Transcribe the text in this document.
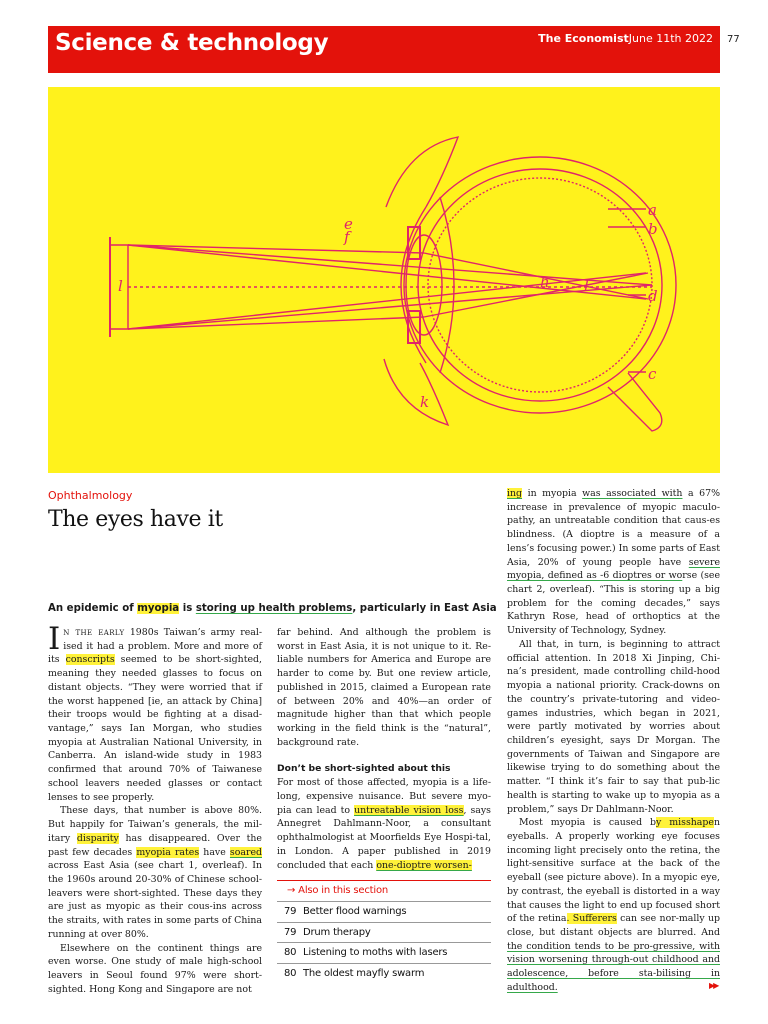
Science & technology	The EconomistJune 11th 2022 77
a
b
c
d
e
f
h
k
l
l
Ophthalmology
The eyes have it
An epidemic of myopia is storing up health problems, particularly in East Asia

In the early 1980s Taiwan’s army real-ised it had a problem. More and more of its conscripts seemed to be short-sighted, meaning they needed glasses to focus on distant objects. “They were worried that if the worst happened [ie, an attack by China] their troops would be fighting at a disad-vantage,” says Ian Morgan, who studies myopia at Australian National University, in Canberra. An island-wide study in 1983 confirmed that around 70% of Taiwanese school leavers needed glasses or contact lenses to see properly.

These days, that number is above 80%. But happily for Taiwan’s generals, the mil-itary disparity has disappeared. Over the past few decades myopia rates have soared across East Asia (see chart 1, overleaf). In the 1960s around 20-30% of Chinese school-leavers were short-sighted. These days they are just as myopic as their cous-ins across the straits, with rates in some parts of China running at over 80%.

Elsewhere on the continent things are even worse. One study of male high-school leavers in Seoul found 97% were short-sighted. Hong Kong and Singapore are not

far behind. And although the problem is worst in East Asia, it is not unique to it. Re-liable numbers for America and Europe are harder to come by. But one review article, published in 2015, claimed a European rate of between 20% and 40%—an order of magnitude higher than that which people working in the field think is the “natural”, background rate.

Don’t be short-sighted about this

For most of those affected, myopia is a life-long, expensive nuisance. But severe myo-pia can lead to untreatable vision loss, says Annegret Dahlmann-Noor, a consultant ophthalmologist at Moorfields Eye Hospi-tal, in London. A paper published in 2019 concluded that each one-dioptre worsen-

→ Also in this section
79 Better flood warnings
79 Drum therapy
80 Listening to moths with lasers
80 The oldest mayfly swarm

ing in myopia was associated with a 67% increase in prevalence of myopic maculo-pathy, an untreatable condition that caus-es blindness. (A dioptre is a measure of a lens’s focusing power.) In some parts of East Asia, 20% of young people have severe myopia, defined as -6 dioptres or worse (see chart 2, overleaf). “This is storing up a big problem for the coming decades,” says Kathryn Rose, head of orthoptics at the University of Technology, Sydney.

All that, in turn, is beginning to attract official attention. In 2018 Xi Jinping, Chi-na’s president, made controlling child-hood myopia a national priority. Crack-downs on the country’s private-tutoring and video-games industries, which began in 2021, were partly motivated by worries about children’s eyesight, says Dr Morgan. The governments of Taiwan and Singapore are likewise trying to do something about the matter. “I think it’s fair to say that pub-lic health is starting to wake up to myopia as a problem,” says Dr Dahlmann-Noor.

Most myopia is caused by misshapen eyeballs. A properly working eye focuses incoming light precisely onto the retina, the light-sensitive surface at the back of the eyeball (see picture above). In a myopic eye, by contrast, the eyeball is distorted in a way that causes the light to end up focused short of the retina. Sufferers can see nor-mally up close, but distant objects are blurred. And the condition tends to be pro-gressive, with vision worsening through-out childhood and adolescence, before sta-bilising in adulthood.	▶▶
